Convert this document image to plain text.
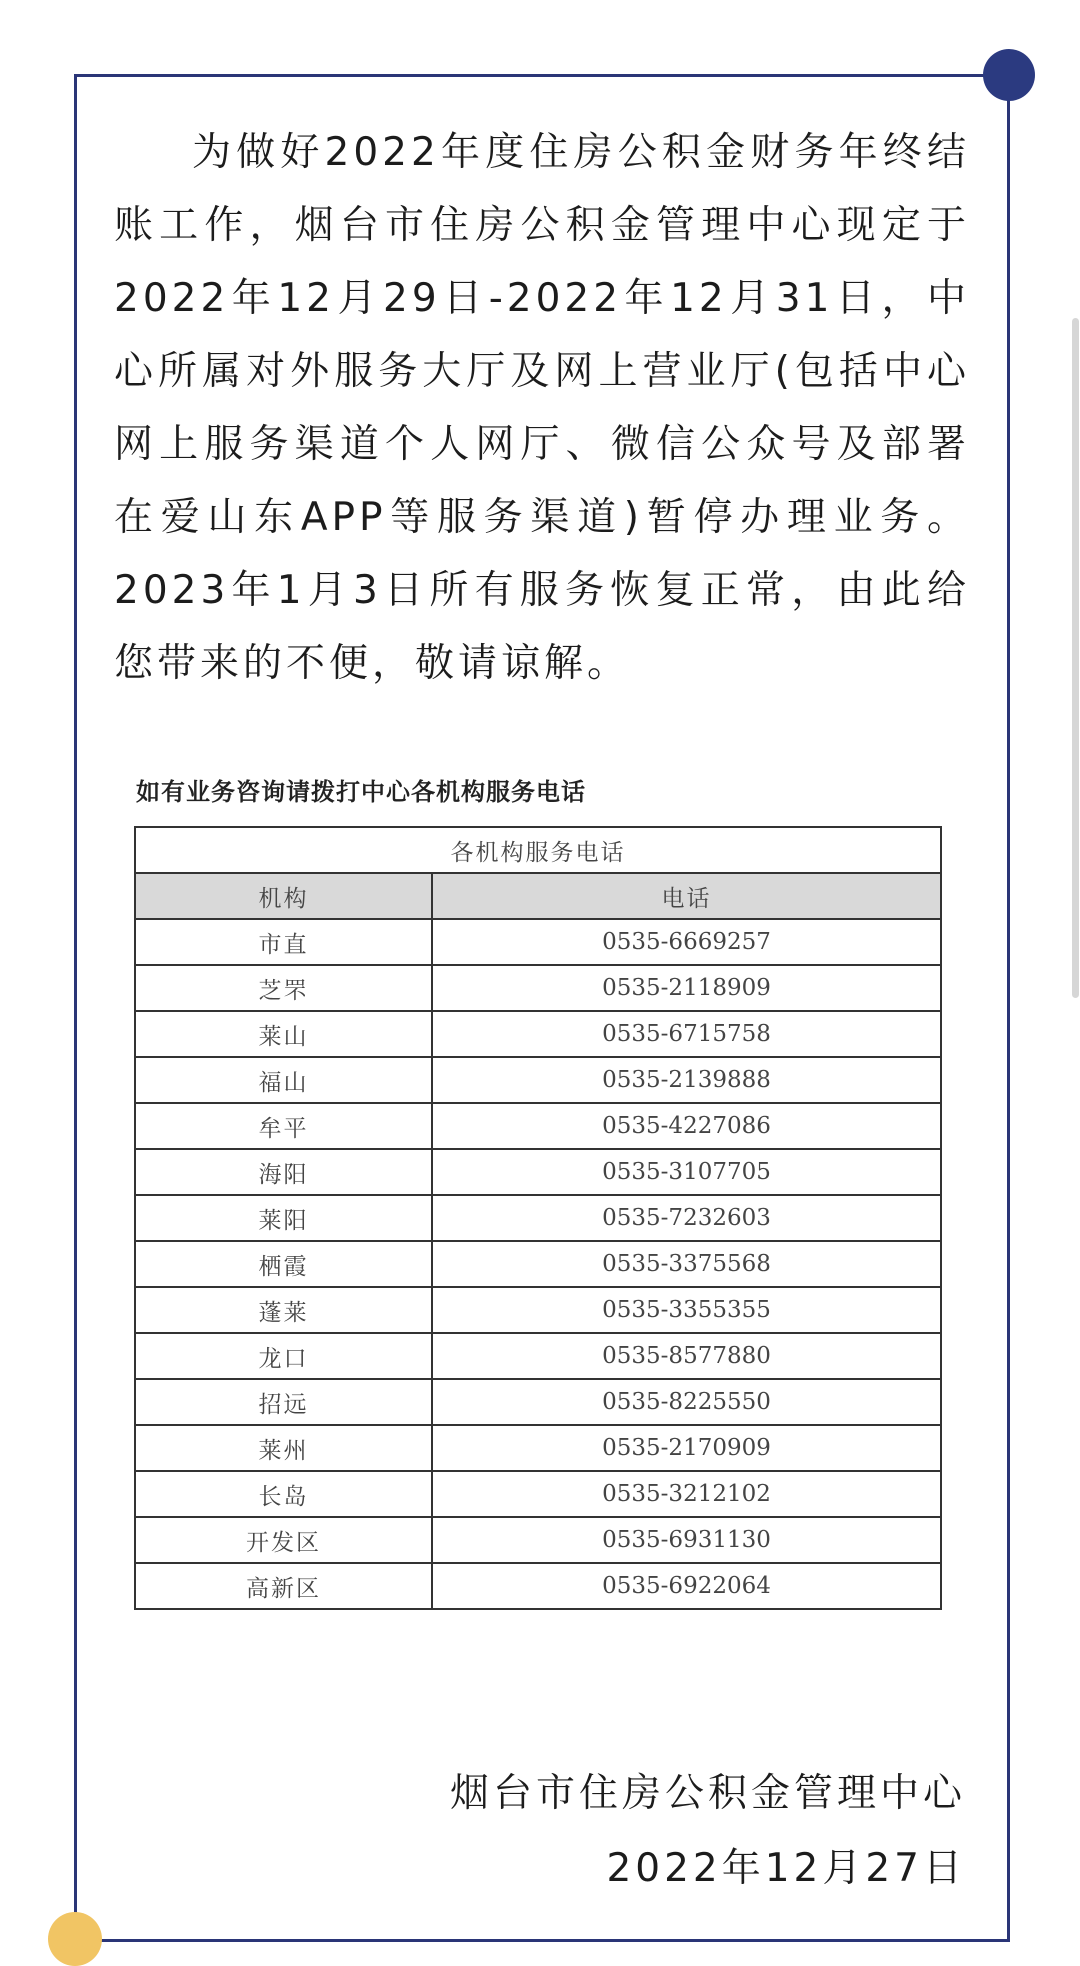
为做好2022年度住房公积金财务年终结账工作，烟台市住房公积金管理中心现定于2022年12月29日-2022年12月31日，中心所属对外服务大厅及网上营业厅(包括中心网上服务渠道个人网厅、微信公众号及部署在爱山东APP等服务渠道)暂停办理业务。2023年1月3日所有服务恢复正常，由此给您带来的不便，敬请谅解。

如有业务咨询请拨打中心各机构服务电话

各机构服务电话	
机构	电话
市直	0535-6669257
芝罘	0535-2118909
莱山	0535-6715758
福山	0535-2139888
牟平	0535-4227086
海阳	0535-3107705
莱阳	0535-7232603
栖霞	0535-3375568
蓬莱	0535-3355355
龙口	0535-8577880
招远	0535-8225550
莱州	0535-2170909
长岛	0535-3212102
开发区	0535-6931130
高新区	0535-6922064
烟台市住房公积金管理中心
2022年12月27日
